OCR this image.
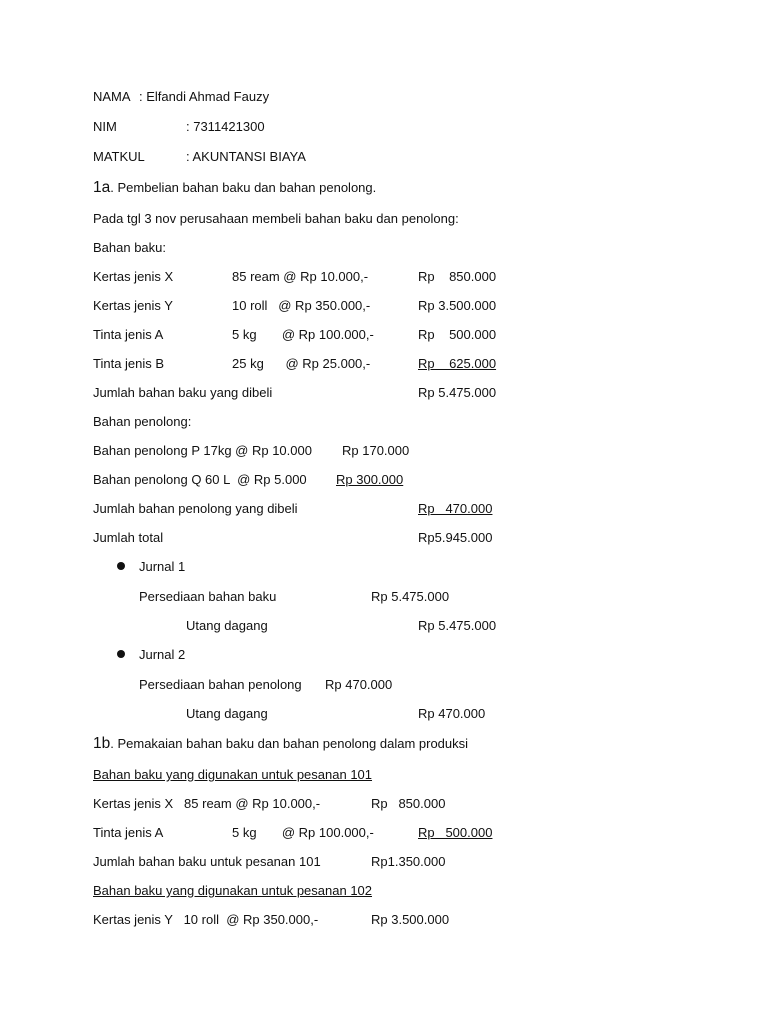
NAMA : Elfandi Ahmad Fauzy
NIM	: 7311421300
MATKUL	: AKUNTANSI BIAYA
1a. Pembelian bahan baku dan bahan penolong.
Pada tgl 3 nov perusahaan membeli bahan baku dan penolong:
Bahan baku:
Kertas jenis X	85 ream @ Rp 10.000,-	Rp    850.000
Kertas jenis Y	10 roll   @ Rp 350.000,-	Rp 3.500.000
Tinta jenis A	5 kg       @ Rp 100.000,-	Rp    500.000
Tinta jenis B	25 kg      @ Rp 25.000,-	Rp    625.000
Jumlah bahan baku yang dibeli	Rp 5.475.000
Bahan penolong:
Bahan penolong P 17kg @ Rp 10.000 Rp 170.000
Bahan penolong Q 60 L  @ Rp 5.000 Rp 300.000
Jumlah bahan penolong yang dibeli	Rp   470.000
Jumlah total	Rp5.945.000
Jurnal 1
Persediaan bahan baku	Rp 5.475.000
Utang dagang	Rp 5.475.000
Jurnal 2
Persediaan bahan penolong Rp 470.000
Utang dagang	Rp 470.000
1b. Pemakaian bahan baku dan bahan penolong dalam produksi
Bahan baku yang digunakan untuk pesanan 101
Kertas jenis X   85 ream @ Rp 10.000,-	Rp   850.000
Tinta jenis A	5 kg       @ Rp 100.000,-	Rp   500.000
Jumlah bahan baku untuk pesanan 101	Rp1.350.000
Bahan baku yang digunakan untuk pesanan 102
Kertas jenis Y   10 roll  @ Rp 350.000,-	Rp 3.500.000
